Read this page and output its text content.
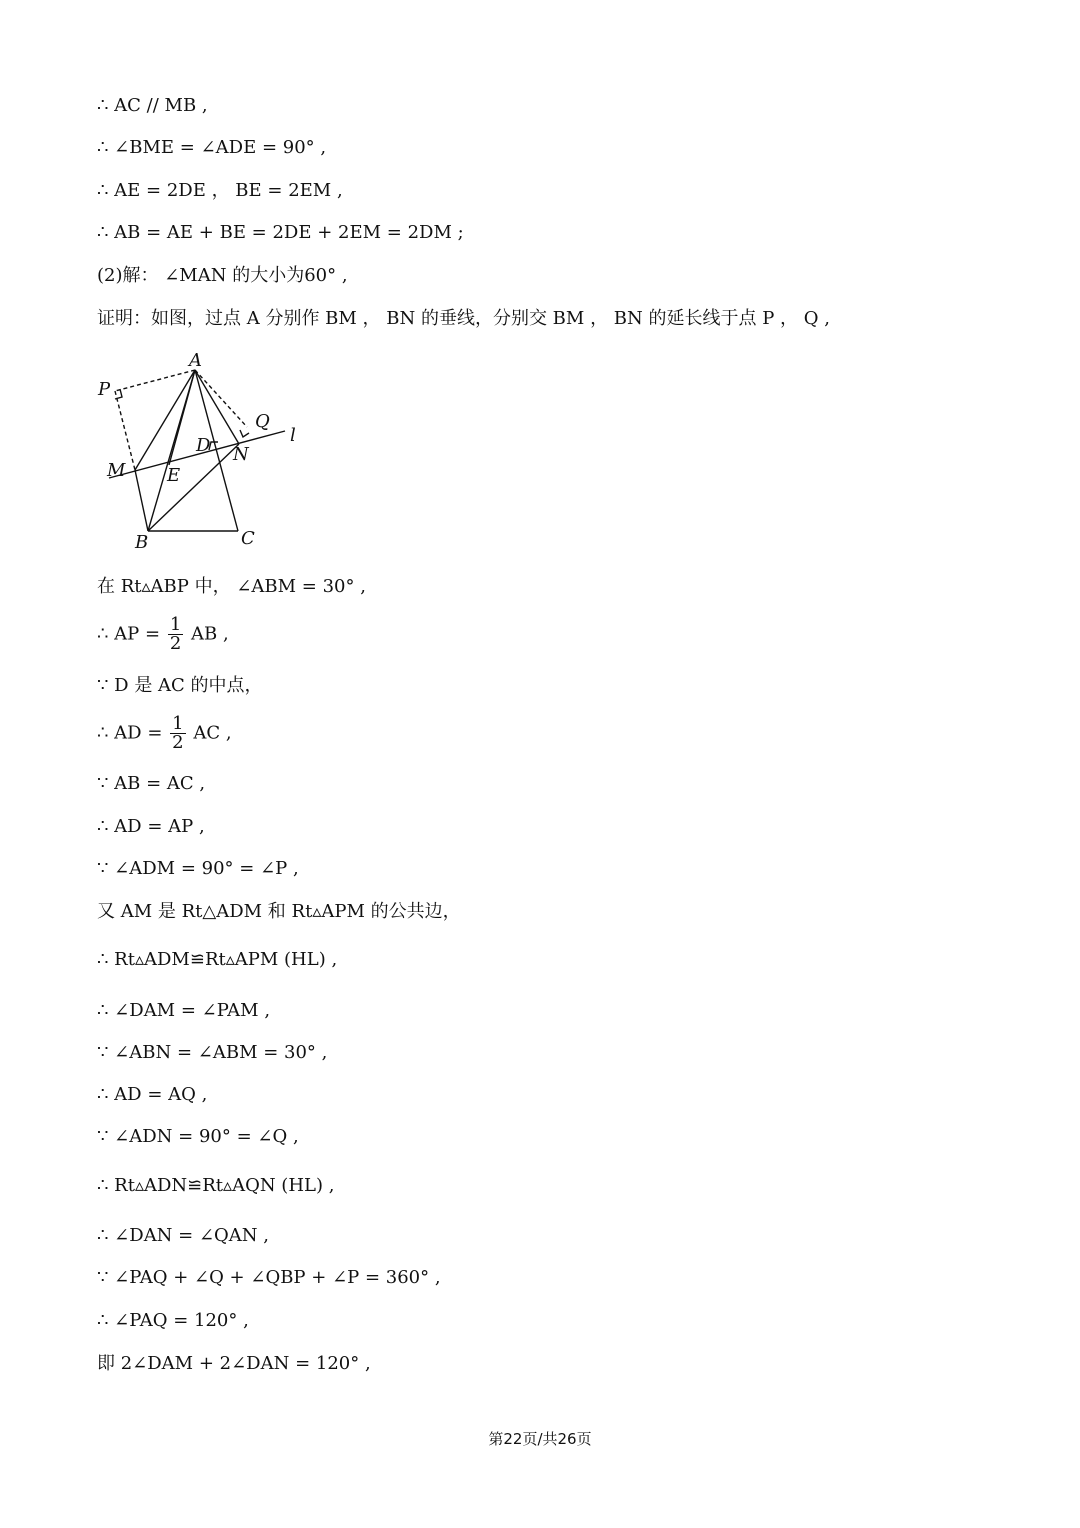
∴ AC // MB ,
∴ ∠BME = ∠ADE = 90° ,
∴ AE = 2DE ， BE = 2EM ,
∴ AB = AE + BE = 2DE + 2EM = 2DM ;
(2)解： ∠MAN 的大小为60° ,
证明：如图，过点 A 分别作 BM ， BN 的垂线，分别交 BM ， BN 的延长线于点 P ， Q ,
A
P
Q
l
D N
M E
B	C
在 Rt▵ABP 中， ∠ABM = 30° ,
∴ AP = $\frac{1}{2}$ AB ,
∵ D 是 AC 的中点，
∴ AD = $\frac{1}{2}$ AC ,
∵ AB = AC ,
∴ AD = AP ,
∵ ∠ADM = 90° = ∠P ,
又 AM 是 Rt△ADM 和 Rt▵APM 的公共边，
∴ Rt▵ADM≌Rt▵APM (HL) ,
∴ ∠DAM = ∠PAM ,
∵ ∠ABN = ∠ABM = 30° ,
∴ AD = AQ ,
∵ ∠ADN = 90° = ∠Q ,
∴ Rt▵ADN≌Rt▵AQN (HL) ,
∴ ∠DAN = ∠QAN ,
∵ ∠PAQ + ∠Q + ∠QBP + ∠P = 360° ,
∴ ∠PAQ = 120° ,
即 2∠DAM + 2∠DAN = 120° ,
第22页/共26页
